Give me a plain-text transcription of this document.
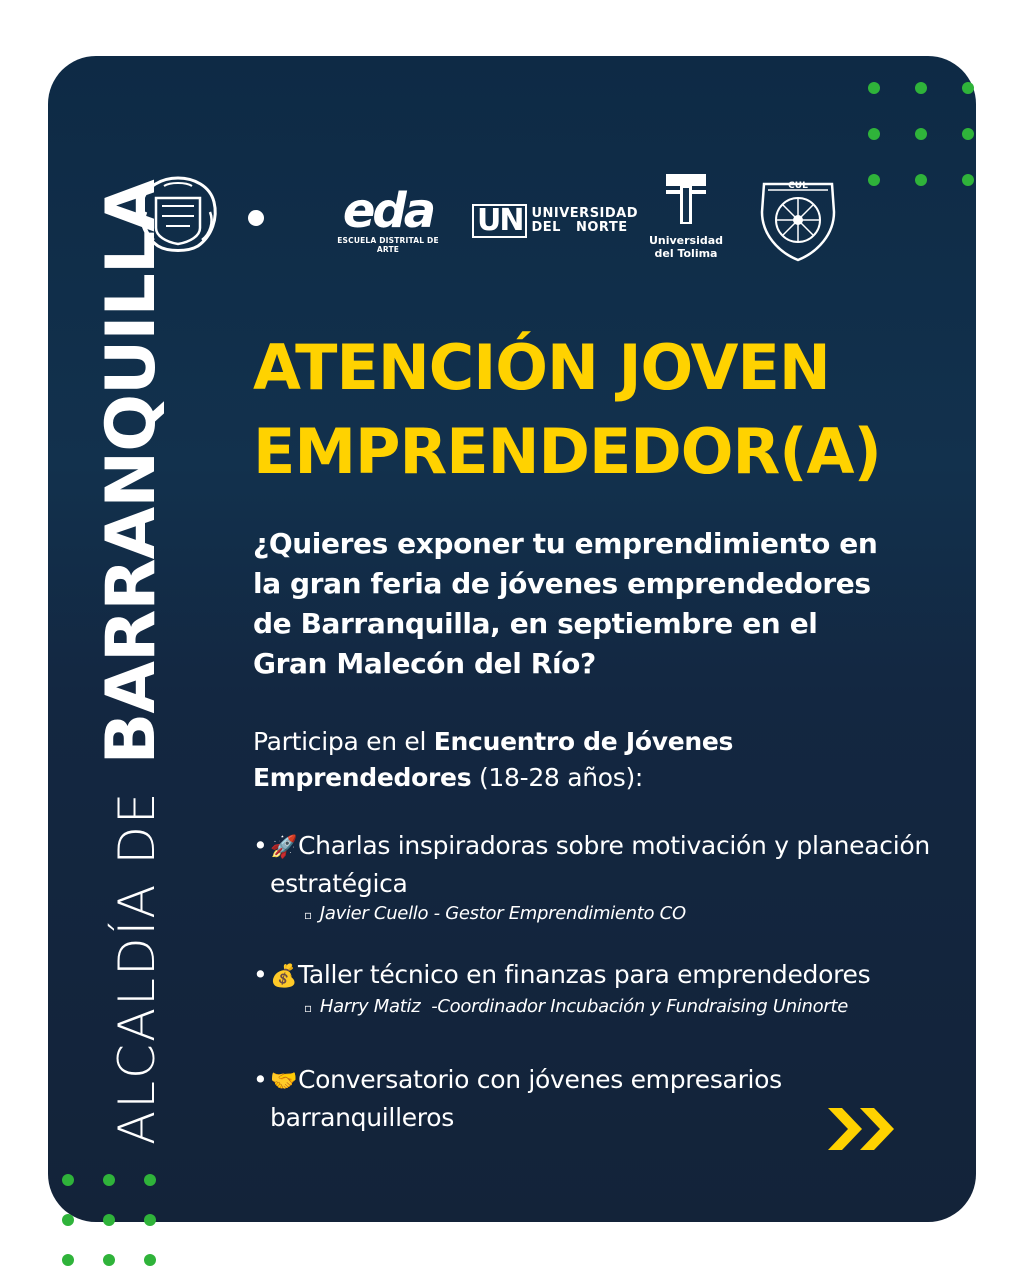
eda
ESCUELA DISTRITAL DE ARTE
UN UNIVERSIDAD
DEL   NORTE
Universidad
del Tolima
CUL
ATENCIÓN JOVEN
EMPRENDEDOR(A)
¿Quieres exponer tu emprendimiento en
la gran feria de jóvenes emprendedores
de Barranquilla, en septiembre en el
Gran Malecón del Río?
Participa en el Encuentro de Jóvenes
Emprendedores (18-28 años):
• 🚀Charlas inspiradoras sobre motivación y planeación
estratégica
▫ Javier Cuello - Gestor Emprendimiento CO
• 💰Taller técnico en finanzas para emprendedores
▫ Harry Matiz  -Coordinador Incubación y Fundraising Uninorte
• 🤝Conversatorio con jóvenes empresarios
barranquilleros
ALCALDÍA DE
BARRANQUILLA
